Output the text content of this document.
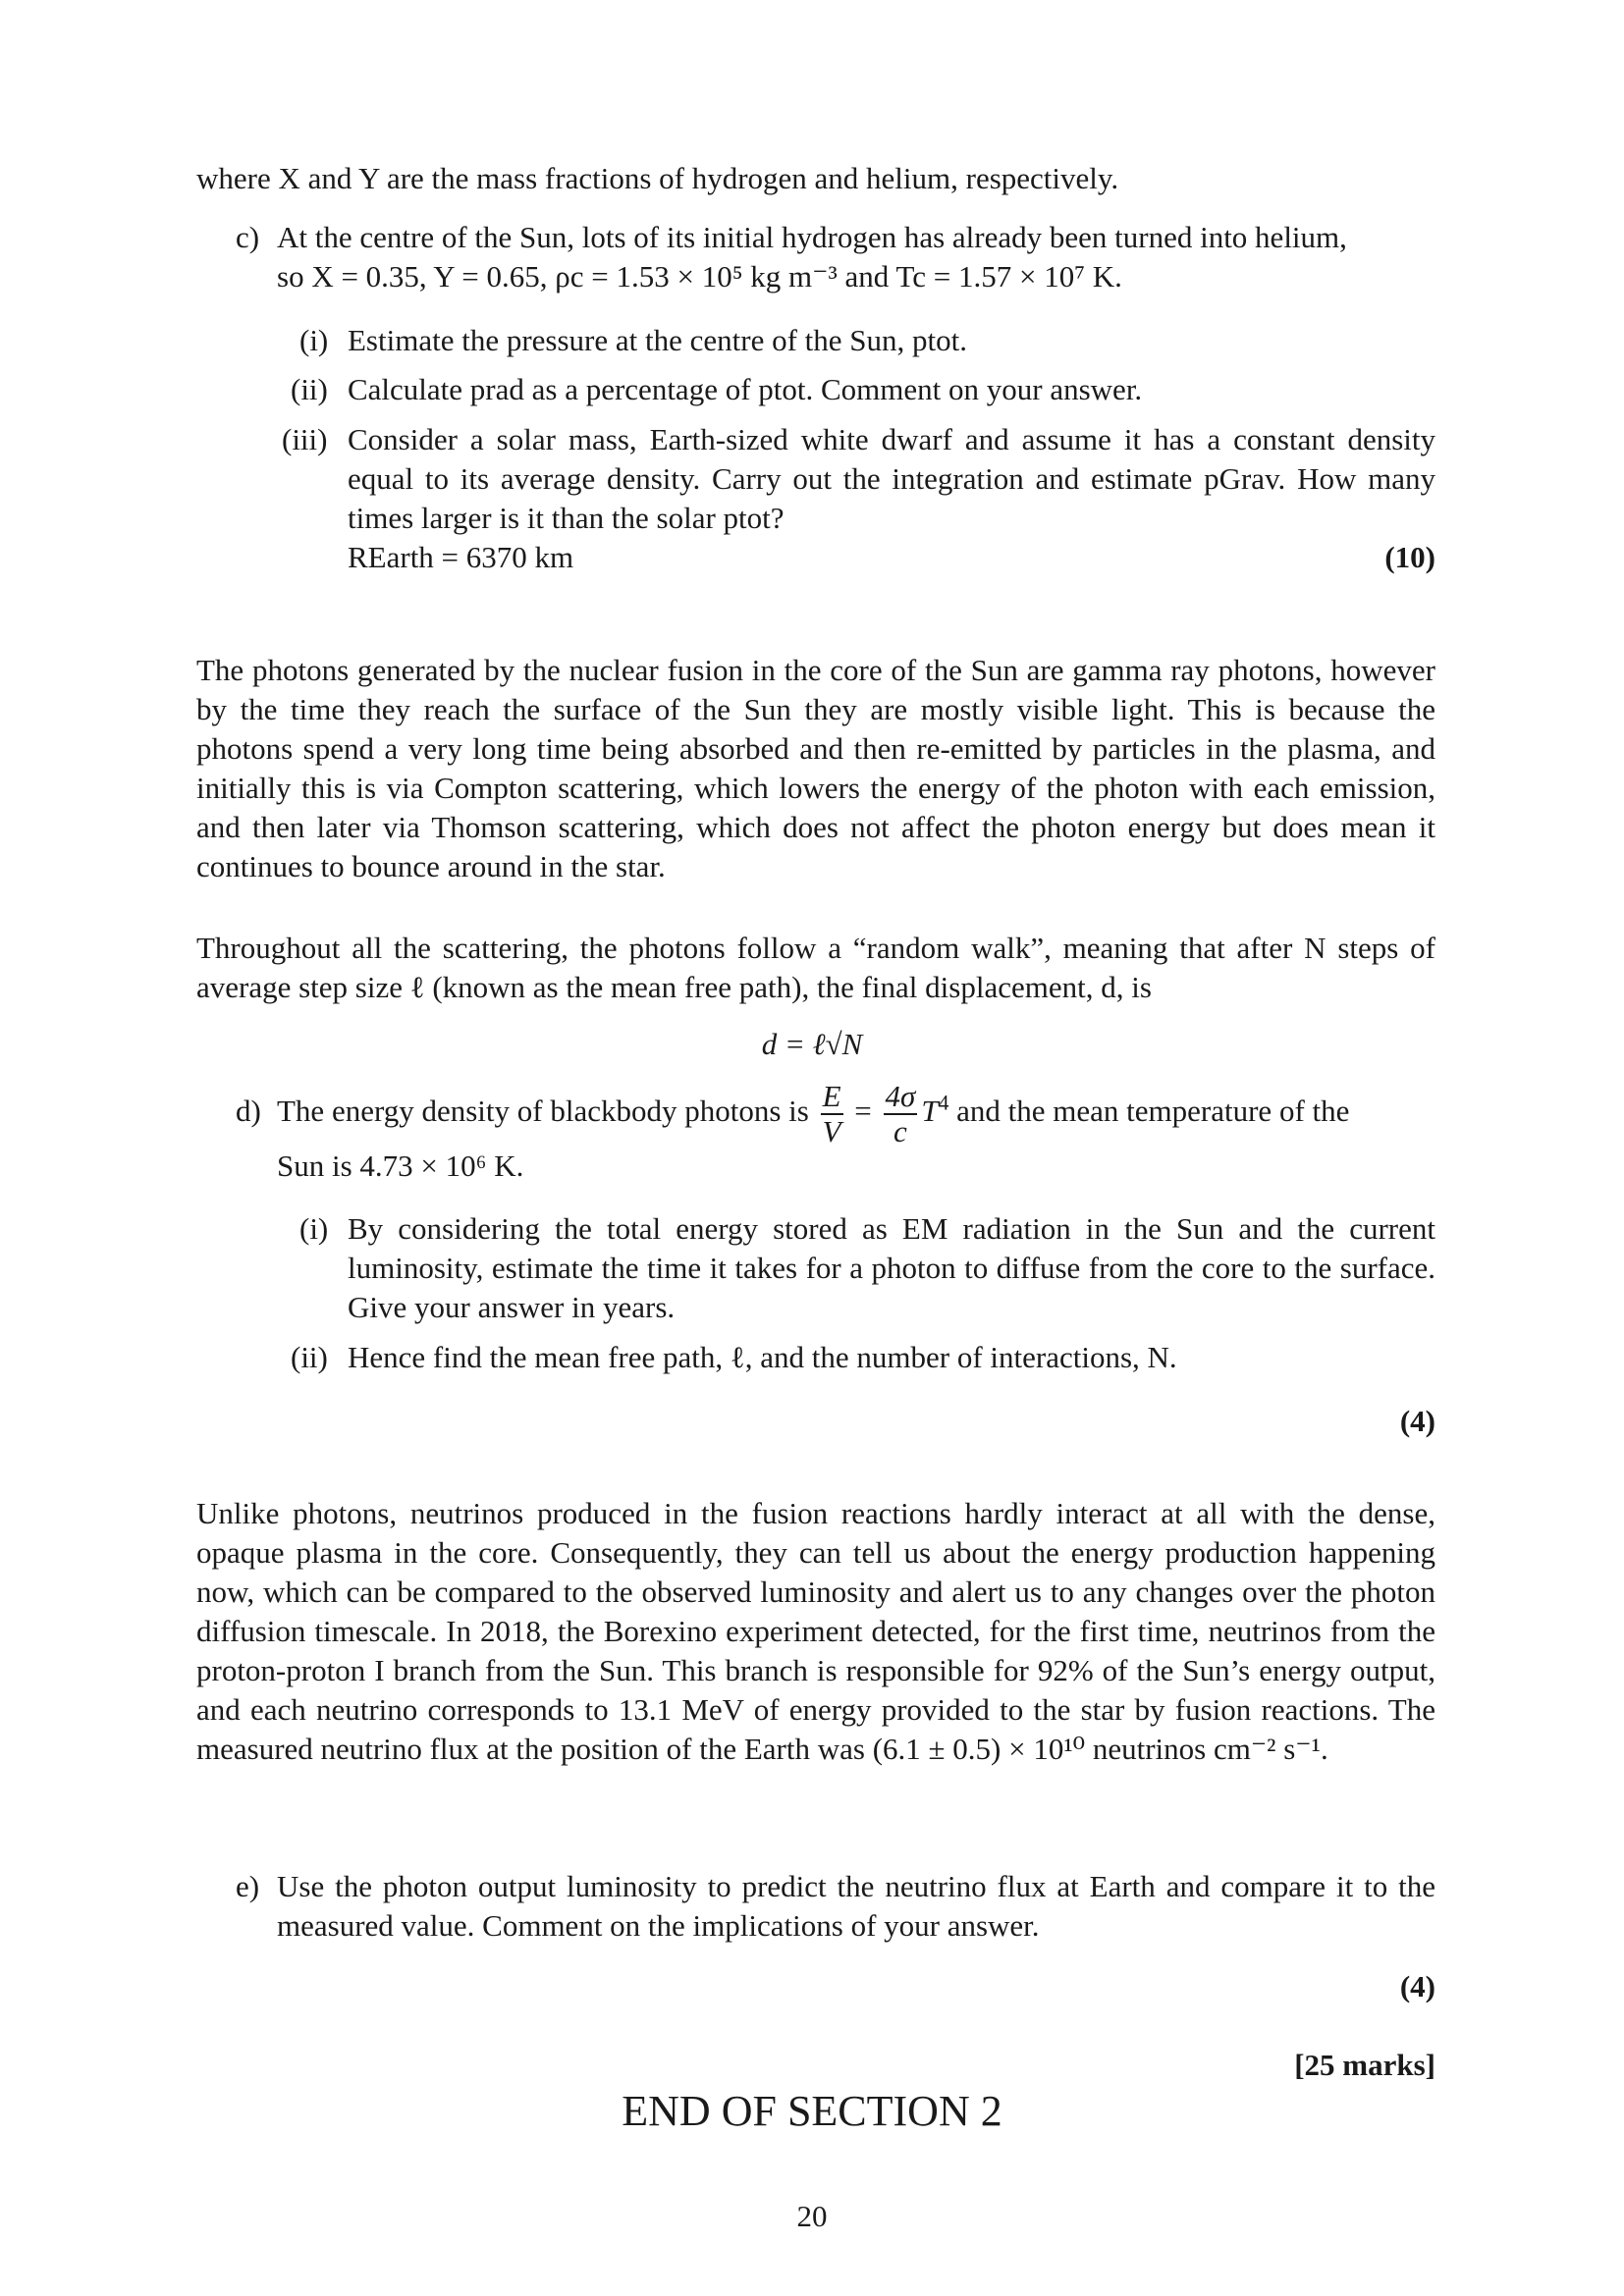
where X and Y are the mass fractions of hydrogen and helium, respectively.
c) At the centre of the Sun, lots of its initial hydrogen has already been turned into helium,
so X = 0.35, Y = 0.65, ρc = 1.53 × 10⁵ kg m⁻³ and Tc = 1.57 × 10⁷ K.
(i) Estimate the pressure at the centre of the Sun, ptot.
(ii) Calculate prad as a percentage of ptot. Comment on your answer.
(iii) Consider a solar mass, Earth-sized white dwarf and assume it has a constant density equal to its average density. Carry out the integration and estimate pGrav. How many times larger is it than the solar ptot?
REarth = 6370 km	(10)
The photons generated by the nuclear fusion in the core of the Sun are gamma ray photons, however by the time they reach the surface of the Sun they are mostly visible light. This is because the photons spend a very long time being absorbed and then re-emitted by particles in the plasma, and initially this is via Compton scattering, which lowers the energy of the photon with each emission, and then later via Thomson scattering, which does not affect the photon energy but does mean it continues to bounce around in the star.
Throughout all the scattering, the photons follow a “random walk”, meaning that after N steps of average step size ℓ (known as the mean free path), the final displacement, d, is
d = ℓ√N
d) The energy density of blackbody photons is $\frac{E}{V} = \frac{4\sigma}{c} T^4$ and the mean temperature of the
Sun is 4.73 × 10⁶ K.
(i) By considering the total energy stored as EM radiation in the Sun and the current luminosity, estimate the time it takes for a photon to diffuse from the core to the surface. Give your answer in years.
(ii) Hence find the mean free path, ℓ, and the number of interactions, N.
(4)
Unlike photons, neutrinos produced in the fusion reactions hardly interact at all with the dense, opaque plasma in the core. Consequently, they can tell us about the energy production happening now, which can be compared to the observed luminosity and alert us to any changes over the photon diffusion timescale. In 2018, the Borexino experiment detected, for the first time, neutrinos from the proton-proton I branch from the Sun. This branch is responsible for 92% of the Sun’s energy output, and each neutrino corresponds to 13.1 MeV of energy provided to the star by fusion reactions. The measured neutrino flux at the position of the Earth was (6.1 ± 0.5) × 10¹⁰ neutrinos cm⁻² s⁻¹.
e) Use the photon output luminosity to predict the neutrino flux at Earth and compare it to the measured value. Comment on the implications of your answer.
(4)
[25 marks]
END OF SECTION 2
20
